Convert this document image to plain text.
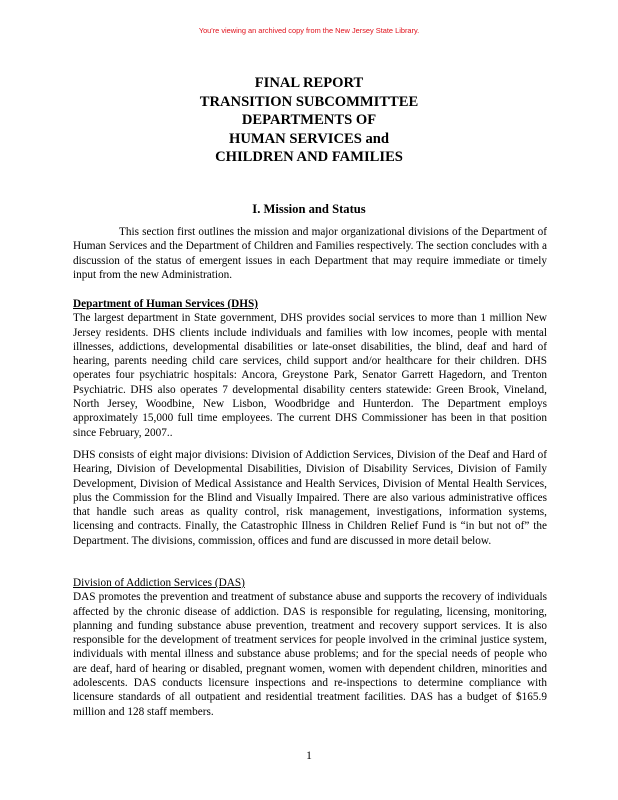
You're viewing an archived copy from the New Jersey State Library.
FINAL REPORT
TRANSITION SUBCOMMITTEE
DEPARTMENTS OF
HUMAN SERVICES and
CHILDREN AND FAMILIES
I. Mission and Status

This section first outlines the mission and major organizational divisions of the Department of Human Services and the Department of Children and Families respectively. The section concludes with a discussion of the status of emergent issues in each Department that may require immediate or timely input from the new Administration.

Department of Human Services (DHS)

The largest department in State government, DHS provides social services to more than 1 million New Jersey residents. DHS clients include individuals and families with low incomes, people with mental illnesses, addictions, developmental disabilities or late-onset disabilities, the blind, deaf and hard of hearing, parents needing child care services, child support and/or healthcare for their children. DHS operates four psychiatric hospitals: Ancora, Greystone Park, Senator Garrett Hagedorn, and Trenton Psychiatric. DHS also operates 7 developmental disability centers statewide: Green Brook, Vineland, North Jersey, Woodbine, New Lisbon, Woodbridge and Hunterdon. The Department employs approximately 15,000 full time employees. The current DHS Commissioner has been in that position since February, 2007..

DHS consists of eight major divisions: Division of Addiction Services, Division of the Deaf and Hard of Hearing, Division of Developmental Disabilities, Division of Disability Services, Division of Family Development, Division of Medical Assistance and Health Services, Division of Mental Health Services, plus the Commission for the Blind and Visually Impaired. There are also various administrative offices that handle such areas as quality control, risk management, investigations, information systems, licensing and contracts. Finally, the Catastrophic Illness in Children Relief Fund is “in but not of” the Department. The divisions, commission, offices and fund are discussed in more detail below.

Division of Addiction Services (DAS)

DAS promotes the prevention and treatment of substance abuse and supports the recovery of individuals affected by the chronic disease of addiction. DAS is responsible for regulating, licensing, monitoring, planning and funding substance abuse prevention, treatment and recovery support services. It is also responsible for the development of treatment services for people involved in the criminal justice system, individuals with mental illness and substance abuse problems; and for the special needs of people who are deaf, hard of hearing or disabled, pregnant women, women with dependent children, minorities and adolescents. DAS conducts licensure inspections and re-inspections to determine compliance with licensure standards of all outpatient and residential treatment facilities. DAS has a budget of $165.9 million and 128 staff members.

1
